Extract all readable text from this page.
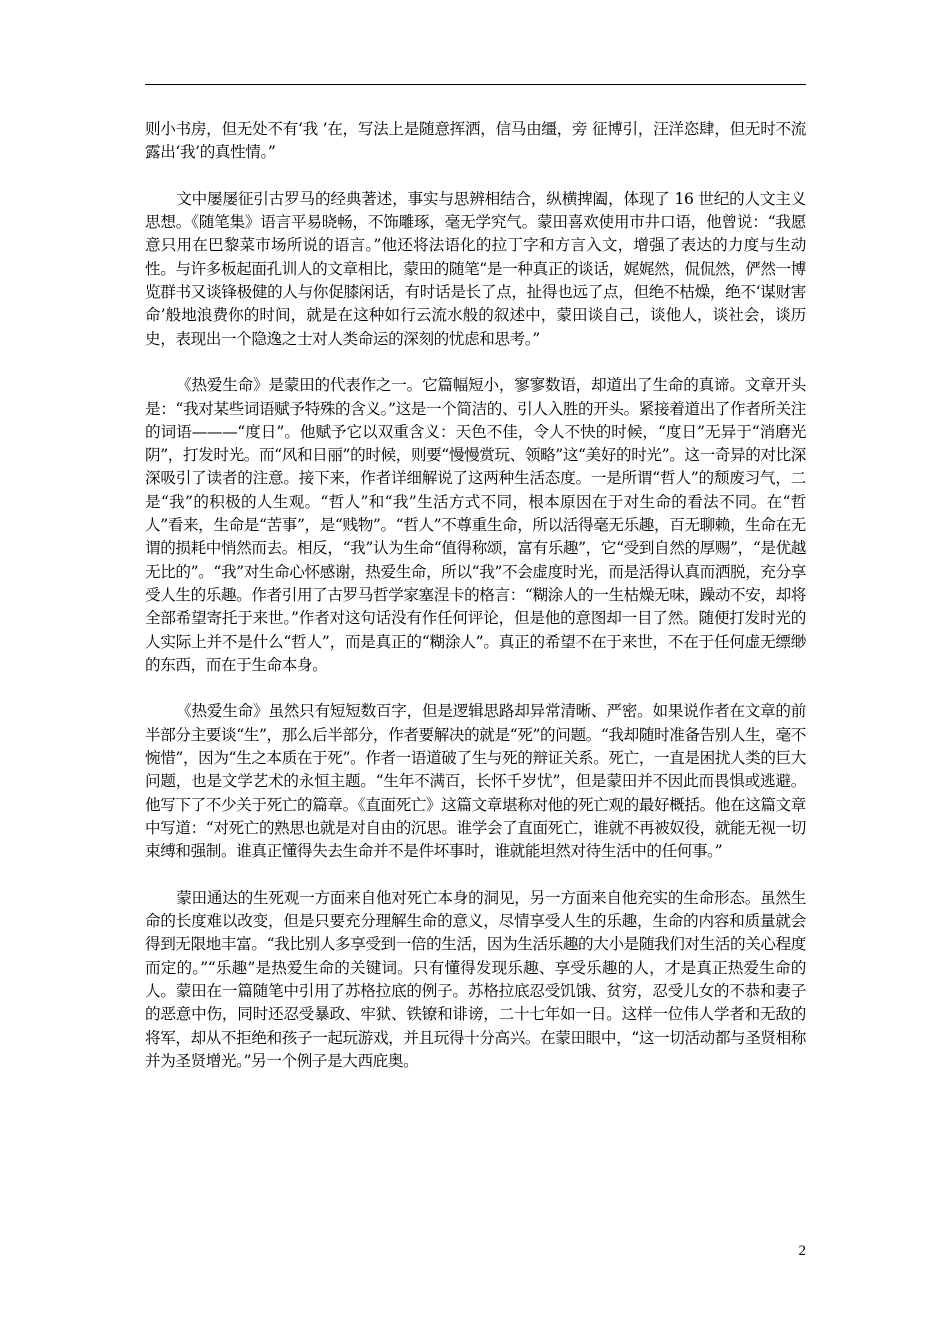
则小书房，但无处不有‘我 ’在，写法上是随意挥洒，信马由缰，旁 征博引，汪洋恣肆，但无时不流露出‘我’的真性情。”

文中屡屡征引古罗马的经典著述，事实与思辨相结合，纵横捭阖，体现了 16 世纪的人文主义思想。《随笔集》语言平易晓畅，不饰雕琢，毫无学究气。蒙田喜欢使用市井口语，他曾说：“我愿意只用在巴黎菜市场所说的语言。”他还将法语化的拉丁字和方言入文，增强了表达的力度与生动性。与许多板起面孔训人的文章相比，蒙田的随笔“是一种真正的谈话，娓娓然，侃侃然，俨然一博览群书又谈锋极健的人与你促膝闲话，有时话是长了点，扯得也远了点，但绝不枯燥，绝不‘谋财害命’般地浪费你的时间，就是在这种如行云流水般的叙述中，蒙田谈自己，谈他人，谈社会，谈历史，表现出一个隐逸之士对人类命运的深刻的忧虑和思考。”

《热爱生命》是蒙田的代表作之一。它篇幅短小，寥寥数语，却道出了生命的真谛。文章开头是：“我对某些词语赋予特殊的含义。”这是一个简洁的、引人入胜的开头。紧接着道出了作者所关注的词语———“度日”。他赋予它以双重含义：天色不佳，令人不快的时候，“度日”无异于“消磨光阴”，打发时光。而“风和日丽”的时候，则要“慢慢赏玩、领略”这“美好的时光”。这一奇异的对比深深吸引了读者的注意。接下来，作者详细解说了这两种生活态度。一是所谓“哲人”的颓废习气，二是“我”的积极的人生观。“哲人”和“我”生活方式不同，根本原因在于对生命的看法不同。在“哲人”看来，生命是“苦事”，是“贱物”。“哲人”不尊重生命，所以活得毫无乐趣，百无聊赖，生命在无谓的损耗中悄然而去。相反，“我”认为生命“值得称颂，富有乐趣”，它“受到自然的厚赐”，“是优越无比的”。“我”对生命心怀感谢，热爱生命，所以“我”不会虚度时光，而是活得认真而洒脱，充分享受人生的乐趣。作者引用了古罗马哲学家塞涅卡的格言：“糊涂人的一生枯燥无味，躁动不安，却将全部希望寄托于来世。”作者对这句话没有作任何评论，但是他的意图却一目了然。随便打发时光的人实际上并不是什么“哲人”，而是真正的“糊涂人”。真正的希望不在于来世，不在于任何虚无缥缈的东西，而在于生命本身。

《热爱生命》虽然只有短短数百字，但是逻辑思路却异常清晰、严密。如果说作者在文章的前半部分主要谈“生”，那么后半部分，作者要解决的就是“死”的问题。“我却随时准备告别人生，毫不惋惜”，因为“生之本质在于死”。作者一语道破了生与死的辩证关系。死亡，一直是困扰人类的巨大问题，也是文学艺术的永恒主题。“生年不满百，长怀千岁忧”，但是蒙田并不因此而畏惧或逃避。他写下了不少关于死亡的篇章。《直面死亡》这篇文章堪称对他的死亡观的最好概括。他在这篇文章中写道：“对死亡的熟思也就是对自由的沉思。谁学会了直面死亡，谁就不再被奴役，就能无视一切束缚和强制。谁真正懂得失去生命并不是件坏事时，谁就能坦然对待生活中的任何事。”

蒙田通达的生死观一方面来自他对死亡本身的洞见，另一方面来自他充实的生命形态。虽然生命的长度难以改变，但是只要充分理解生命的意义，尽情享受人生的乐趣，生命的内容和质量就会得到无限地丰富。“我比别人多享受到一倍的生活，因为生活乐趣的大小是随我们对生活的关心程度而定的。”“乐趣”是热爱生命的关键词。只有懂得发现乐趣、享受乐趣的人，才是真正热爱生命的人。蒙田在一篇随笔中引用了苏格拉底的例子。苏格拉底忍受饥饿、贫穷，忍受儿女的不恭和妻子的恶意中伤，同时还忍受暴政、牢狱、铁镣和诽谤，二十七年如一日。这样一位伟人学者和无敌的将军，却从不拒绝和孩子一起玩游戏，并且玩得十分高兴。在蒙田眼中，“这一切活动都与圣贤相称并为圣贤增光。”另一个例子是大西庇奥。

2
